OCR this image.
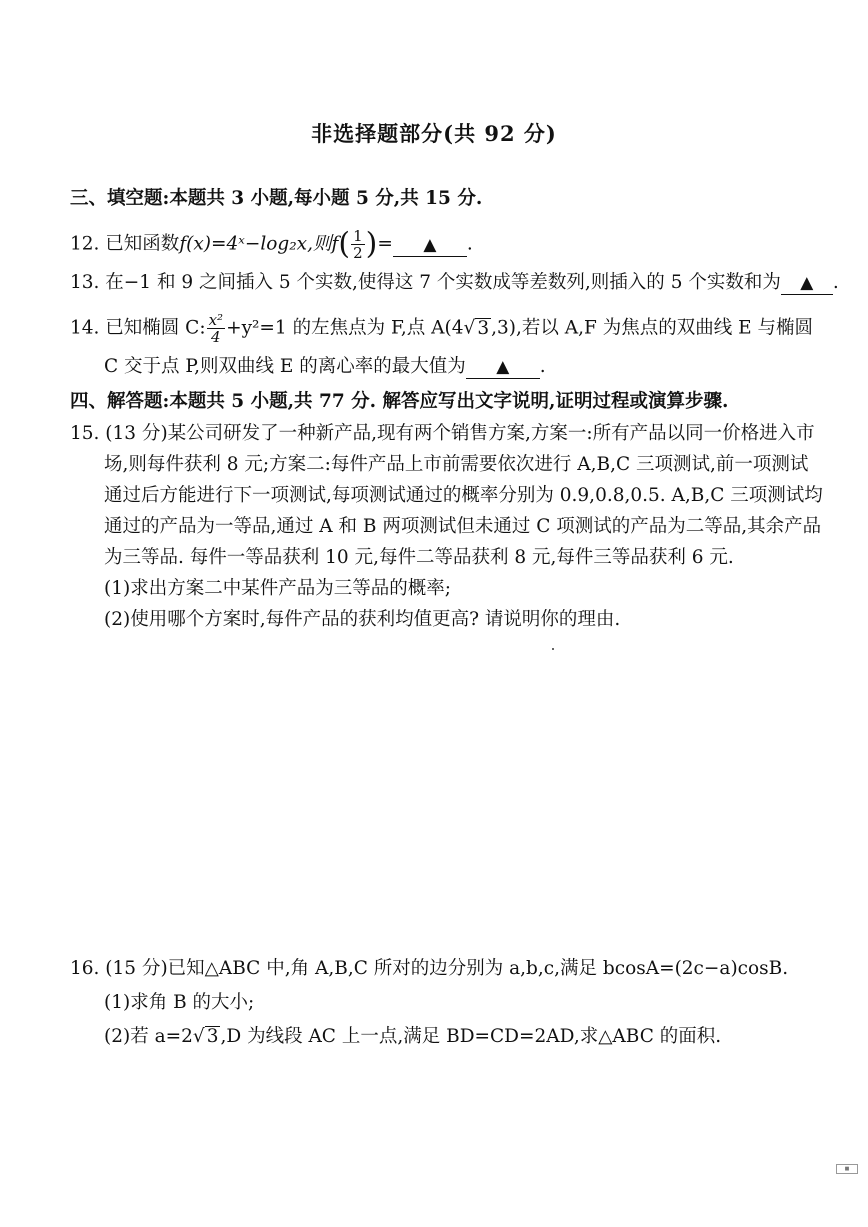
非选择题部分(共 92 分)
三、填空题:本题共 3 小题,每小题 5 分,共 15 分.
12. 已知函数f(x)=4ˣ−log₂x,则$f( \frac{1}{2}$ )= ▲ .
13. 在−1 和 9 之间插入 5 个实数,使得这 7 个实数成等差数列,则插入的 5 个实数和为 ▲ .
14. 已知椭圆 C: $\frac{\text{x²}}{4} +y^2=1$ 的左焦点为 F,点 A(4√ 3 ,3),若以 A,F 为焦点的双曲线 E 与椭圆
C 交于点 P,则双曲线 E 的离心率的最大值为 ▲ .
四、解答题:本题共 5 小题,共 77 分. 解答应写出文字说明,证明过程或演算步骤.
15. (13 分)某公司研发了一种新产品,现有两个销售方案,方案一:所有产品以同一价格进入市
场,则每件获利 8 元;方案二:每件产品上市前需要依次进行 A,B,C 三项测试,前一项测试
通过后方能进行下一项测试,每项测试通过的概率分别为 0.9,0.8,0.5. A,B,C 三项测试均
通过的产品为一等品,通过 A 和 B 两项测试但未通过 C 项测试的产品为二等品,其余产品
为三等品. 每件一等品获利 10 元,每件二等品获利 8 元,每件三等品获利 6 元.
(1)求出方案二中某件产品为三等品的概率;
(2)使用哪个方案时,每件产品的获利均值更高? 请说明你的理由.
16. (15 分)已知△ABC 中,角 A,B,C 所对的边分别为 a,b,c,满足 bcosA=(2c−a)cosB.
(1)求角 B 的大小;
(2)若 a=2√ 3 ,D 为线段 AC 上一点,满足 BD=CD=2AD,求△ABC 的面积.
■
